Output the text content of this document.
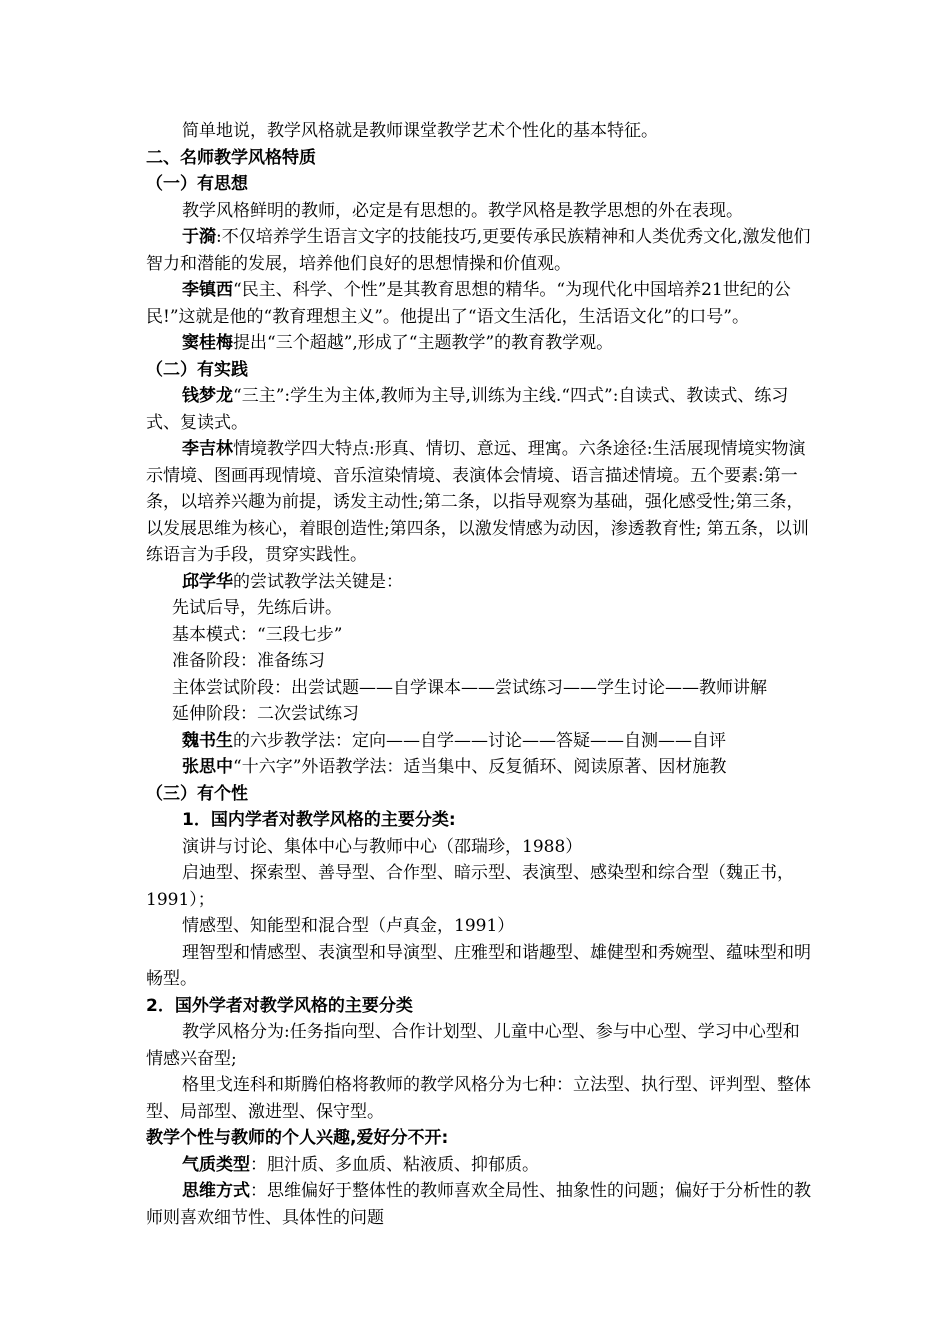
简单地说，教学风格就是教师课堂教学艺术个性化的基本特征。

二、名师教学风格特质

（一）有思想

教学风格鲜明的教师，必定是有思想的。教学风格是教学思想的外在表现。

于漪:不仅培养学生语言文字的技能技巧,更要传承民族精神和人类优秀文化,激发他们智力和潜能的发展，培养他们良好的思想情操和价值观。

李镇西“民主、科学、个性”是其教育思想的精华。“为现代化中国培养21世纪的公民!”这就是他的“教育理想主义”。他提出了“语文生活化，生活语文化”的口号”。

窦桂梅提出“三个超越”,形成了“主题教学”的教育教学观。

（二）有实践

钱梦龙“三主”:学生为主体,教师为主导,训练为主线.“四式”:自读式、教读式、练习式、复读式。

李吉林情境教学四大特点:形真、情切、意远、理寓。六条途径:生活展现情境实物演示情境、图画再现情境、音乐渲染情境、表演体会情境、语言描述情境。五个要素:第一条，以培养兴趣为前提，诱发主动性;第二条，以指导观察为基础，强化感受性;第三条，以发展思维为核心，着眼创造性;第四条，以激发情感为动因，渗透教育性; 第五条，以训练语言为手段，贯穿实践性。

邱学华的尝试教学法关键是：

先试后导，先练后讲。

基本模式：“三段七步”

准备阶段：准备练习

主体尝试阶段：出尝试题——自学课本——尝试练习——学生讨论——教师讲解

延伸阶段：二次尝试练习

魏书生的六步教学法：定向——自学——讨论——答疑——自测——自评

张思中“十六字”外语教学法：适当集中、反复循环、阅读原著、因材施教

（三）有个性

1．国内学者对教学风格的主要分类:

演讲与讨论、集体中心与教师中心（邵瑞珍，1988）

启迪型、探索型、善导型、合作型、暗示型、表演型、感染型和综合型（魏正书，1991）；

情感型、知能型和混合型（卢真金，1991）

理智型和情感型、表演型和导演型、庄雅型和谐趣型、雄健型和秀婉型、蕴味型和明畅型。

2．国外学者对教学风格的主要分类

教学风格分为:任务指向型、合作计划型、儿童中心型、参与中心型、学习中心型和情感兴奋型;

格里戈连科和斯腾伯格将教师的教学风格分为七种：立法型、执行型、评判型、整体型、局部型、激进型、保守型。

教学个性与教师的个人兴趣,爱好分不开:

气质类型：胆汁质、多血质、粘液质、抑郁质。

思维方式：思维偏好于整体性的教师喜欢全局性、抽象性的问题；偏好于分析性的教师则喜欢细节性、具体性的问题
